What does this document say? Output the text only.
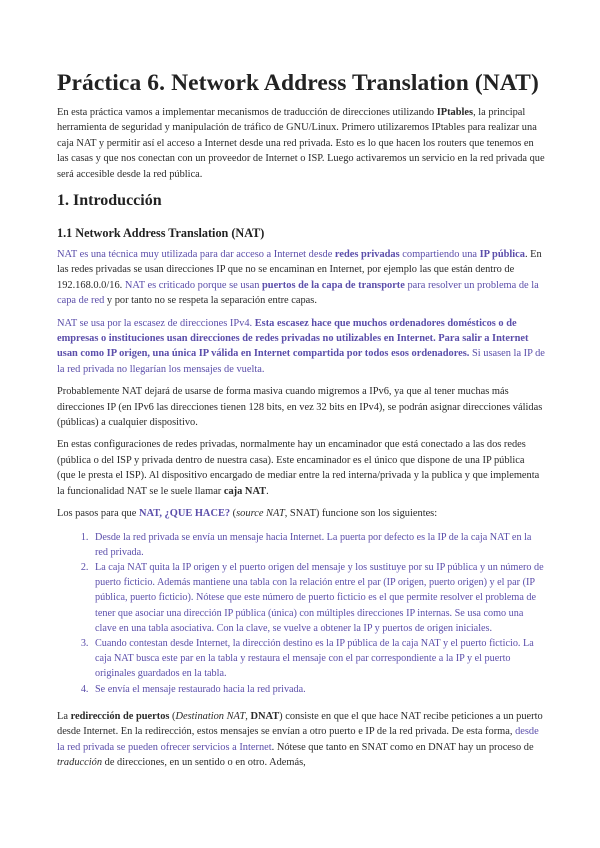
Práctica 6. Network Address Translation (NAT)

En esta práctica vamos a implementar mecanismos de traducción de direcciones utilizando IPtables, la principal herramienta de seguridad y manipulación de tráfico de GNU/Linux. Primero utilizaremos IPtables para realizar una caja NAT y permitir así el acceso a Internet desde una red privada. Esto es lo que hacen los routers que tenemos en las casas y que nos conectan con un proveedor de Internet o ISP. Luego activaremos un servicio en la red privada que será accesible desde la red pública.

1. Introducción
1.1 Network Address Translation (NAT)

NAT es una técnica muy utilizada para dar acceso a Internet desde redes privadas compartiendo una IP pública. En las redes privadas se usan direcciones IP que no se encaminan en Internet, por ejemplo las que están dentro de 192.168.0.0/16. NAT es criticado porque se usan puertos de la capa de transporte para resolver un problema de la capa de red y por tanto no se respeta la separación entre capas.

NAT se usa por la escasez de direcciones IPv4. Esta escasez hace que muchos ordenadores domésticos o de empresas o instituciones usan direcciones de redes privadas no utilizables en Internet. Para salir a Internet usan como IP origen, una única IP válida en Internet compartida por todos esos ordenadores. Si usasen la IP de la red privada no llegarían los mensajes de vuelta.

Probablemente NAT dejará de usarse de forma masiva cuando migremos a IPv6, ya que al tener muchas más direcciones IP (en IPv6 las direcciones tienen 128 bits, en vez 32 bits en IPv4), se podrán asignar direcciones válidas (públicas) a cualquier dispositivo.

En estas configuraciones de redes privadas, normalmente hay un encaminador que está conectado a las dos redes (pública o del ISP y privada dentro de nuestra casa). Este encaminador es el único que dispone de una IP pública (que le presta el ISP). Al dispositivo encargado de mediar entre la red interna/privada y la publica y que implementa la funcionalidad NAT se le suele llamar caja NAT.

Los pasos para que NAT, ¿QUE HACE? (source NAT, SNAT) funcione son los siguientes:

1. Desde la red privada se envía un mensaje hacia Internet. La puerta por defecto es la IP de la caja NAT en la red privada.
2. La caja NAT quita la IP origen y el puerto origen del mensaje y los sustituye por su IP pública y un número de puerto ficticio. Además mantiene una tabla con la relación entre el par (IP origen, puerto origen) y el par (IP pública, puerto ficticio). Nótese que este número de puerto ficticio es el que permite resolver el problema de tener que asociar una dirección IP pública (única) con múltiples direcciones IP internas. Se usa como una clave en una tabla asociativa. Con la clave, se vuelve a obtener la IP y puertos de origen iniciales.
3. Cuando contestan desde Internet, la dirección destino es la IP pública de la caja NAT y el puerto ficticio. La caja NAT busca este par en la tabla y restaura el mensaje con el par correspondiente a la IP y el puerto originales guardados en la tabla.
4. Se envía el mensaje restaurado hacia la red privada.

La redirección de puertos (Destination NAT, DNAT) consiste en que el que hace NAT recibe peticiones a un puerto desde Internet. En la redirección, estos mensajes se envían a otro puerto e IP de la red privada. De esta forma, desde la red privada se pueden ofrecer servicios a Internet. Nótese que tanto en SNAT como en DNAT hay un proceso de traducción de direcciones, en un sentido o en otro. Además,
